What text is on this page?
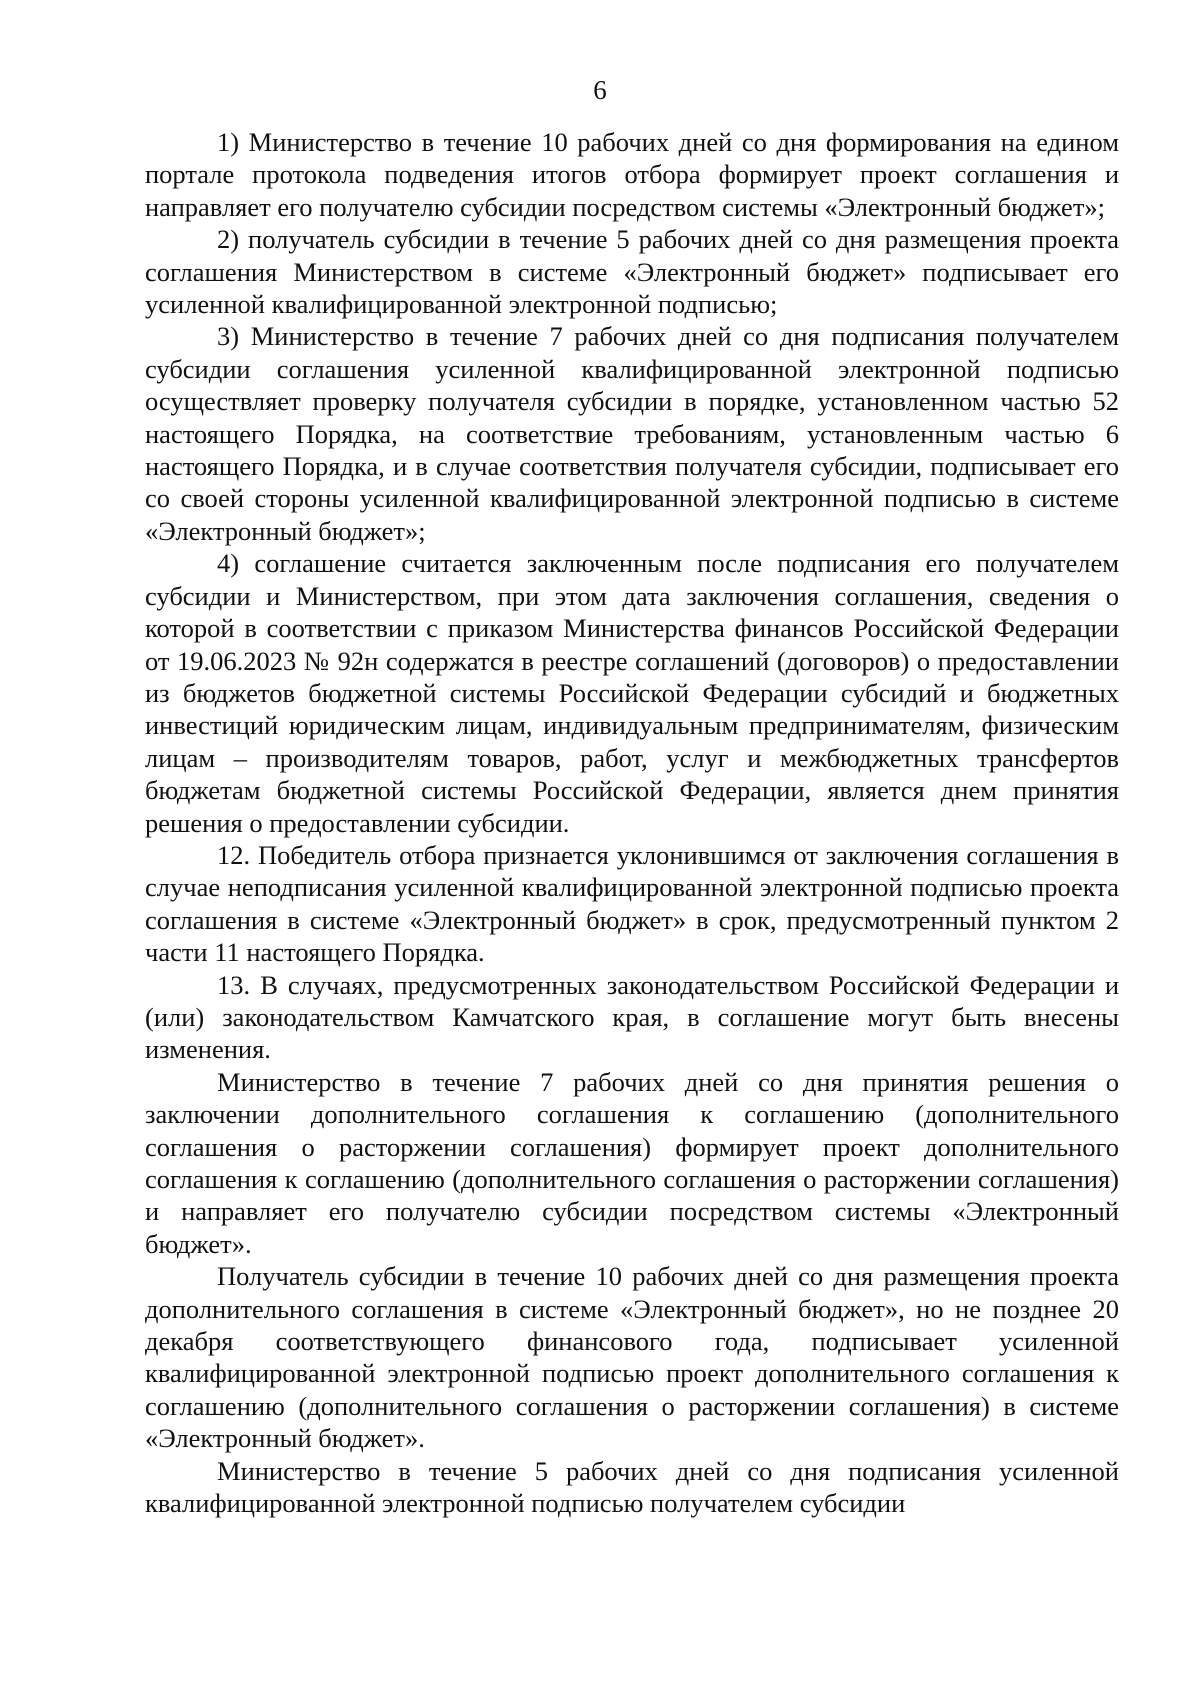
6

1) Министерство в течение 10 рабочих дней со дня формирования на едином портале протокола подведения итогов отбора формирует проект соглашения и направляет его получателю субсидии посредством системы «Электронный бюджет»;

2) получатель субсидии в течение 5 рабочих дней со дня размещения проекта соглашения Министерством в системе «Электронный бюджет» подписывает его усиленной квалифицированной электронной подписью;

3) Министерство в течение 7 рабочих дней со дня подписания получателем субсидии соглашения усиленной квалифицированной электронной подписью осуществляет проверку получателя субсидии в порядке, установленном частью 52 настоящего Порядка, на соответствие требованиям, установленным частью 6 настоящего Порядка, и в случае соответствия получателя субсидии, подписывает его со своей стороны усиленной квалифицированной электронной подписью в системе «Электронный бюджет»;

4) соглашение считается заключенным после подписания его получателем субсидии и Министерством, при этом дата заключения соглашения, сведения о которой в соответствии с приказом Министерства финансов Российской Федерации от 19.06.2023 № 92н содержатся в реестре соглашений (договоров) о предоставлении из бюджетов бюджетной системы Российской Федерации субсидий и бюджетных инвестиций юридическим лицам, индивидуальным предпринимателям, физическим лицам – производителям товаров, работ, услуг и межбюджетных трансфертов бюджетам бюджетной системы Российской Федерации, является днем принятия решения о предоставлении субсидии.

12. Победитель отбора признается уклонившимся от заключения соглашения в случае неподписания усиленной квалифицированной электронной подписью проекта соглашения в системе «Электронный бюджет» в срок, предусмотренный пунктом 2 части 11 настоящего Порядка.

13. В случаях, предусмотренных законодательством Российской Федерации и (или) законодательством Камчатского края, в соглашение могут быть внесены изменения.

Министерство в течение 7 рабочих дней со дня принятия решения о заключении дополнительного соглашения к соглашению (дополнительного соглашения о расторжении соглашения) формирует проект дополнительного соглашения к соглашению (дополнительного соглашения о расторжении соглашения) и направляет его получателю субсидии посредством системы «Электронный бюджет».

Получатель субсидии в течение 10 рабочих дней со дня размещения проекта дополнительного соглашения в системе «Электронный бюджет», но не позднее 20 декабря соответствующего финансового года, подписывает усиленной квалифицированной электронной подписью проект дополнительного соглашения к соглашению (дополнительного соглашения о расторжении соглашения) в системе «Электронный бюджет».

Министерство в течение 5 рабочих дней со дня подписания усиленной квалифицированной электронной подписью получателем субсидии
